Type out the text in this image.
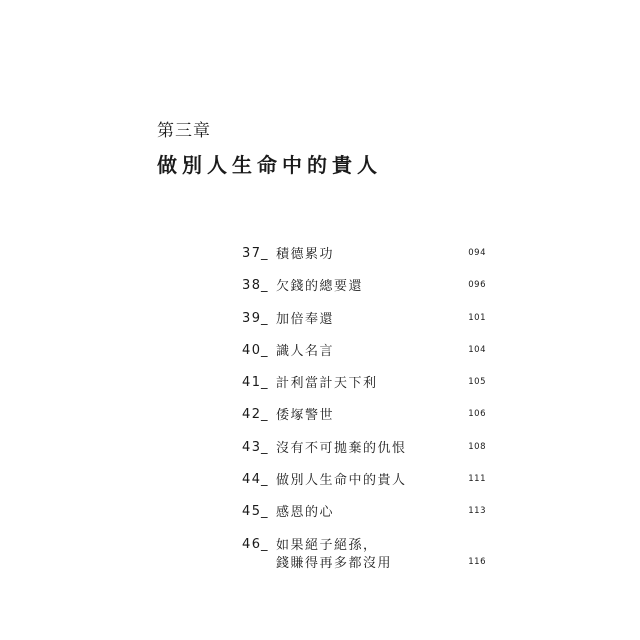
第三章
做別人生命中的貴人
37 _ 積德累功	094
38 _ 欠錢的總要還	096
39 _ 加倍奉還	101
40 _ 識人名言	104
41 _ 計利當計天下利	105
42 _ 倭塚警世	106
43 _ 沒有不可拋棄的仇恨	108
44 _ 做別人生命中的貴人	111
45 _ 感恩的心	113
46 _ 如果絕子絕孫，
錢賺得再多都沒用	116
